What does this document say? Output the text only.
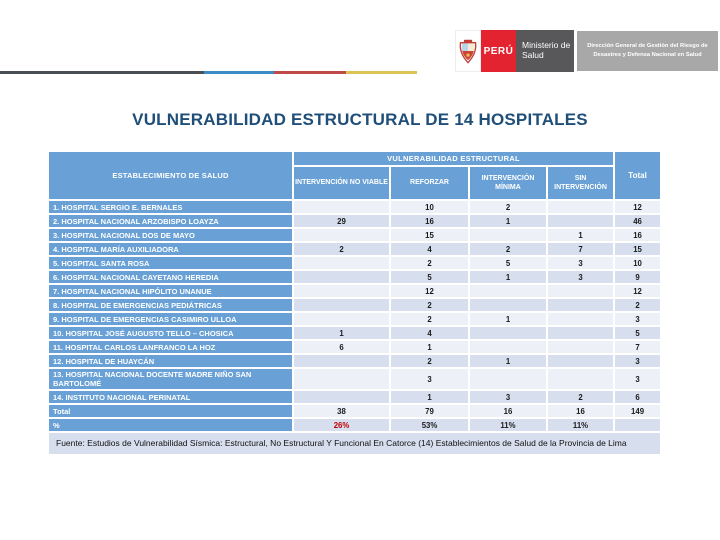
PERÚ
Ministerio de Salud
Dirección General de Gestión del Riesgo de Desastres y Defensa Nacional en Salud
VULNERABILIDAD ESTRUCTURAL DE 14 HOSPITALES
ESTABLECIMIENTO DE SALUD	VULNERABILIDAD ESTRUCTURAL				Total
	INTERVENCIÓN NO VIABLE	REFORZAR	INTERVENCIÓN MÍNIMA	SIN INTERVENCIÓN	
1. HOSPITAL SERGIO E. BERNALES		10	2		12
2. HOSPITAL NACIONAL ARZOBISPO LOAYZA	29	16	1		46
3. HOSPITAL NACIONAL DOS DE MAYO		15		1	16
4. HOSPITAL MARÍA AUXILIADORA	2	4	2	7	15
5. HOSPITAL SANTA ROSA		2	5	3	10
6. HOSPITAL NACIONAL CAYETANO HEREDIA		5	1	3	9
7. HOSPITAL NACIONAL HIPÓLITO UNANUE		12			12
8. HOSPITAL DE EMERGENCIAS PEDIÁTRICAS		2			2
9. HOSPITAL DE EMERGENCIAS CASIMIRO ULLOA		2	1		3
10. HOSPITAL JOSÉ AUGUSTO TELLO – CHOSICA	1	4			5
11. HOSPITAL CARLOS LANFRANCO LA HOZ	6	1			7
12. HOSPITAL DE HUAYCÁN		2	1		3
13. HOSPITAL NACIONAL DOCENTE MADRE NIÑO SAN BARTOLOMÉ		3			3
14. INSTITUTO NACIONAL PERINATAL		1	3	2	6
Total	38	79	16	16	149
%	26%	53%	11%	11%	
Fuente: Estudios de Vulnerabilidad Sísmica: Estructural, No Estructural Y Funcional En Catorce (14) Establecimientos de Salud de la Provincia de Lima					
